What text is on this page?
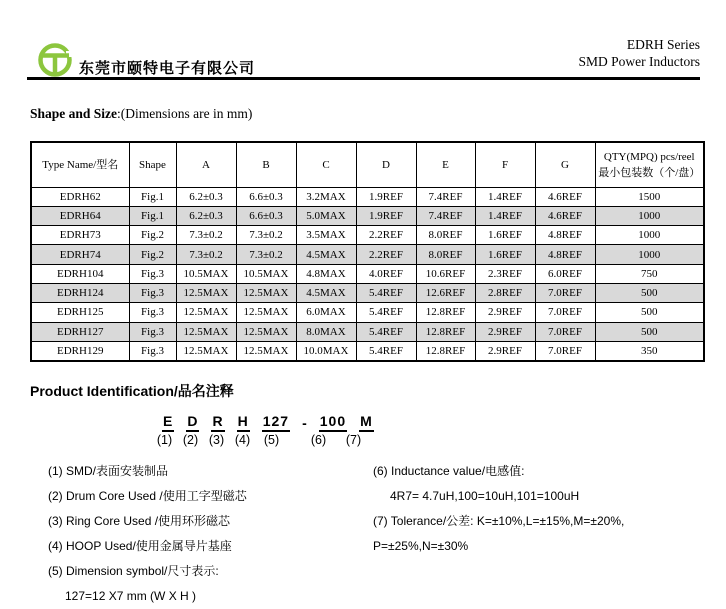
东莞市颐特电子有限公司
EDRH Series
SMD Power Inductors
Shape and Size:(Dimensions are in mm)
Type Name/型名	Shape	A	B	C	D	E	F	G	QTY(MPQ) pcs/reel
最小包装数（个/盘）

EDRH62	Fig.1	6.2±0.3	6.6±0.3	3.2MAX	1.9REF	7.4REF	1.4REF	4.6REF	1500
EDRH64	Fig.1	6.2±0.3	6.6±0.3	5.0MAX	1.9REF	7.4REF	1.4REF	4.6REF	1000
EDRH73	Fig.2	7.3±0.2	7.3±0.2	3.5MAX	2.2REF	8.0REF	1.6REF	4.8REF	1000
EDRH74	Fig.2	7.3±0.2	7.3±0.2	4.5MAX	2.2REF	8.0REF	1.6REF	4.8REF	1000
EDRH104	Fig.3	10.5MAX	10.5MAX	4.8MAX	4.0REF	10.6REF	2.3REF	6.0REF	750
EDRH124	Fig.3	12.5MAX	12.5MAX	4.5MAX	5.4REF	12.6REF	2.8REF	7.0REF	500
EDRH125	Fig.3	12.5MAX	12.5MAX	6.0MAX	5.4REF	12.8REF	2.9REF	7.0REF	500
EDRH127	Fig.3	12.5MAX	12.5MAX	8.0MAX	5.4REF	12.8REF	2.9REF	7.0REF	500
EDRH129	Fig.3	12.5MAX	12.5MAX	10.0MAX	5.4REF	12.8REF	2.9REF	7.0REF	350
Product Identification/品名注释
E D R H 127 - 100 M
(1) (2) (3) (4) (5)	(6) (7)
(1) SMD/表面安装制品
(2) Drum Core Used /使用工字型磁芯
(3) Ring Core Used /使用环形磁芯
(4) HOOP Used/使用金属导片基座
(5) Dimension symbol/尺寸表示:
127=12 X7 mm (W X H )
(6) Inductance value/电感值:
4R7= 4.7uH,100=10uH,101=100uH
(7) Tolerance/公差: K=±10%,L=±15%,M=±20%,
P=±25%,N=±30%
